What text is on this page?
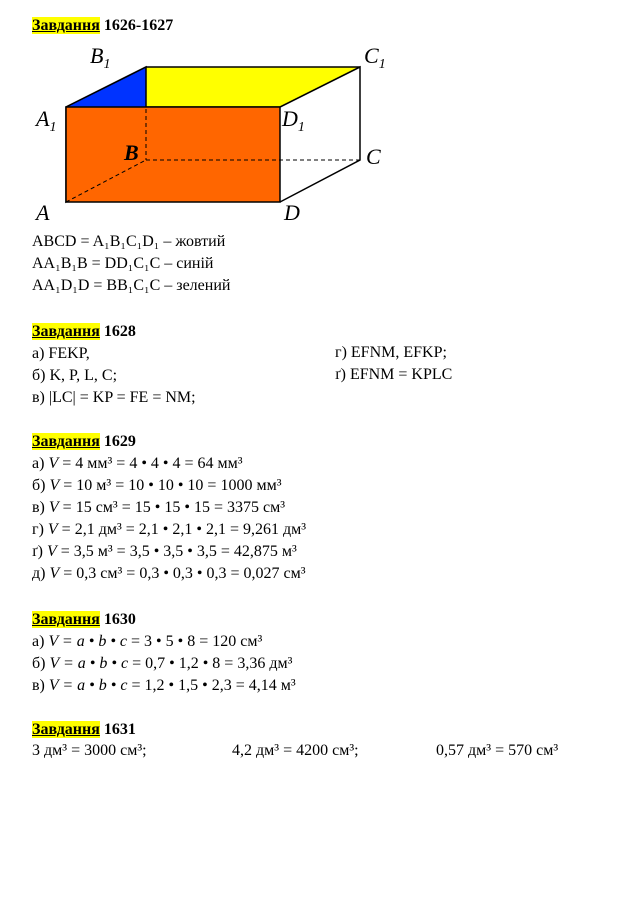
Завдання 1626-1627
$B_1$	$C_1$
$A_1$	$D_1$
B	C
A	D
ABCD = A₁B₁C₁D₁ – жовтий
AA₁B₁B = DD₁C₁C – синій
AA₁D₁D = BB₁C₁C – зелений
Завдання 1628
а) FEKP,
б) K, P, L, C;
в) |LC| = KP = FE = NM;
г) EFNM, EFKP;
ґ) EFNM = KPLC
Завдання 1629
а) V = 4 мм³ = 4 • 4 • 4 = 64 мм³
б) V = 10 м³ = 10 • 10 • 10 = 1000 мм³
в) V = 15 см³ = 15 • 15 • 15 = 3375 см³
г) V = 2,1 дм³ = 2,1 • 2,1 • 2,1 = 9,261 дм³
ґ) V = 3,5 м³ = 3,5 • 3,5 • 3,5 = 42,875 м³
д) V = 0,3 см³ = 0,3 • 0,3 • 0,3 = 0,027 см³
Завдання 1630
а) V = a • b • c = 3 • 5 • 8 = 120 см³
б) V = a • b • c = 0,7 • 1,2 • 8 = 3,36 дм³
в) V = a • b • c = 1,2 • 1,5 • 2,3 = 4,14 м³
Завдання 1631
3 дм³ = 3000 см³;	4,2 дм³ = 4200 см³;	0,57 дм³ = 570 см³
